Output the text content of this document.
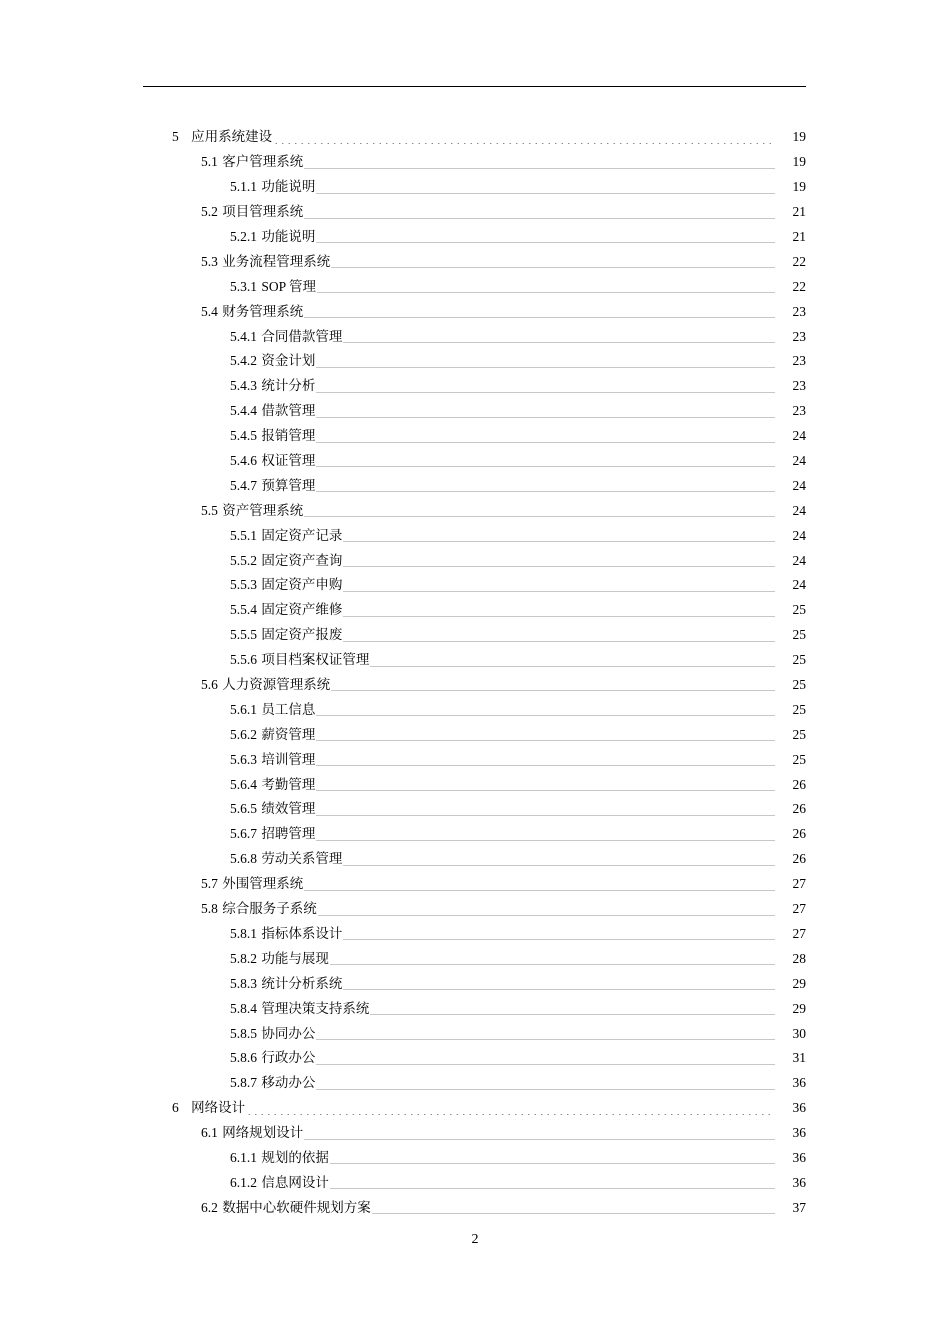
5 应用系统建设	19
5.1 客户管理系统	19
5.1.1 功能说明	19
5.2 项目管理系统	21
5.2.1 功能说明	21
5.3 业务流程管理系统	22
5.3.1 SOP 管理	22
5.4 财务管理系统	23
5.4.1 合同借款管理	23
5.4.2 资金计划	23
5.4.3 统计分析	23
5.4.4 借款管理	23
5.4.5 报销管理	24
5.4.6 权证管理	24
5.4.7 预算管理	24
5.5 资产管理系统	24
5.5.1 固定资产记录	24
5.5.2 固定资产查询	24
5.5.3 固定资产申购	24
5.5.4 固定资产维修	25
5.5.5 固定资产报废	25
5.5.6 项目档案权证管理	25
5.6 人力资源管理系统	25
5.6.1 员工信息	25
5.6.2 薪资管理	25
5.6.3 培训管理	25
5.6.4 考勤管理	26
5.6.5 绩效管理	26
5.6.7 招聘管理	26
5.6.8 劳动关系管理	26
5.7 外围管理系统	27
5.8 综合服务子系统	27
5.8.1 指标体系设计	27
5.8.2 功能与展现	28
5.8.3 统计分析系统	29
5.8.4 管理决策支持系统	29
5.8.5 协同办公	30
5.8.6 行政办公	31
5.8.7 移动办公	36
6 网络设计	36
6.1 网络规划设计	36
6.1.1 规划的依据	36
6.1.2 信息网设计	36
6.2 数据中心软硬件规划方案	37
2
